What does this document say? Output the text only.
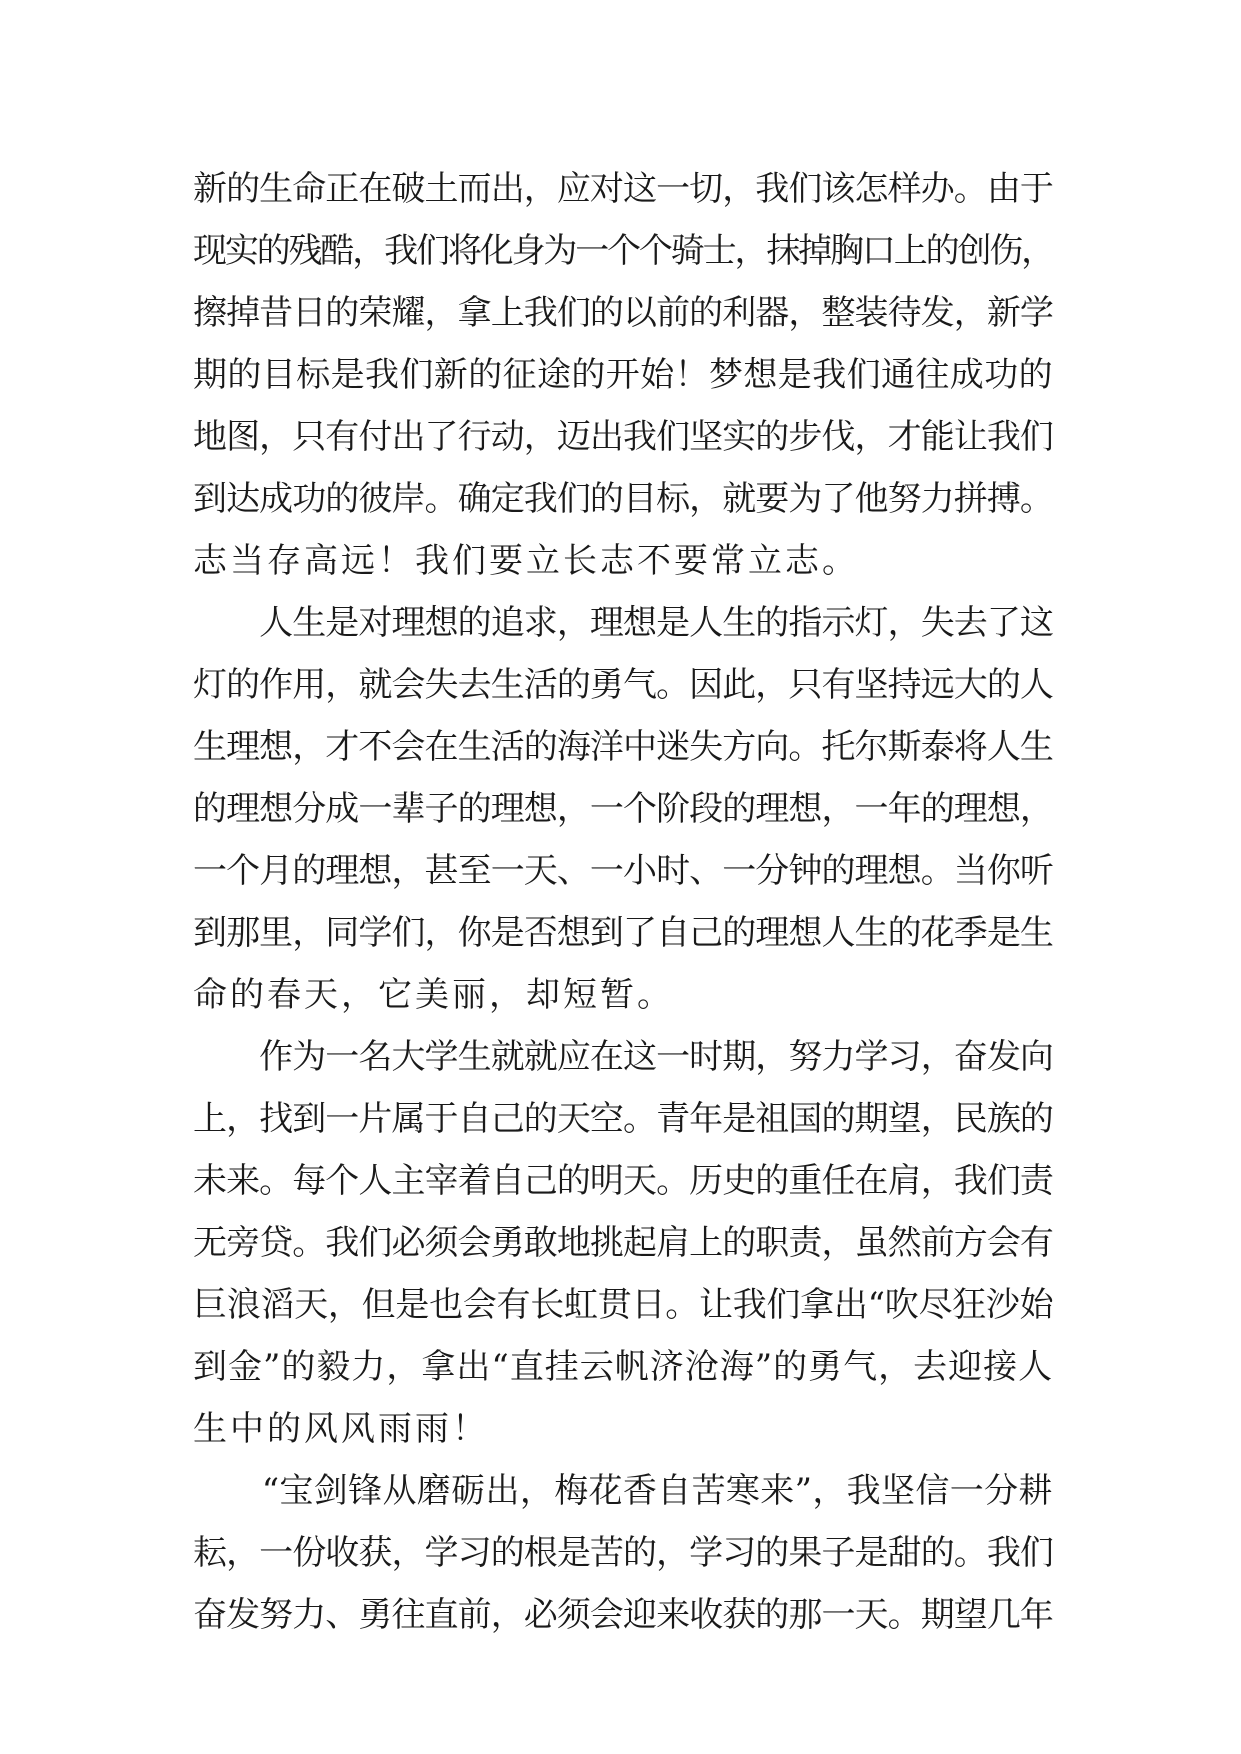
新的生命正在破土而出，应对这一切，我们该怎样办。由于
现实的残酷，我们将化身为一个个骑士，抹掉胸口上的创伤，
擦掉昔日的荣耀，拿上我们的以前的利器，整装待发，新学
期的目标是我们新的征途的开始！梦想是我们通往成功的
地图，只有付出了行动，迈出我们坚实的步伐，才能让我们
到达成功的彼岸。确定我们的目标，就要为了他努力拼搏。
志当存高远！我们要立长志不要常立志。
　　人生是对理想的追求，理想是人生的指示灯，失去了这
灯的作用，就会失去生活的勇气。因此，只有坚持远大的人
生理想，才不会在生活的海洋中迷失方向。托尔斯泰将人生
的理想分成一辈子的理想，一个阶段的理想，一年的理想，
一个月的理想，甚至一天、一小时、一分钟的理想。当你听
到那里，同学们，你是否想到了自己的理想人生的花季是生
命的春天，它美丽，却短暂。
　　作为一名大学生就就应在这一时期，努力学习，奋发向
上，找到一片属于自己的天空。青年是祖国的期望，民族的
未来。每个人主宰着自己的明天。历史的重任在肩，我们责
无旁贷。我们必须会勇敢地挑起肩上的职责，虽然前方会有
巨浪滔天，但是也会有长虹贯日。让我们拿出“吹尽狂沙始
到金”的毅力，拿出“直挂云帆济沧海”的勇气，去迎接人
生中的风风雨雨！
　　“宝剑锋从磨砺出，梅花香自苦寒来”，我坚信一分耕
耘，一份收获，学习的根是苦的，学习的果子是甜的。我们
奋发努力、勇往直前，必须会迎来收获的那一天。期望几年
